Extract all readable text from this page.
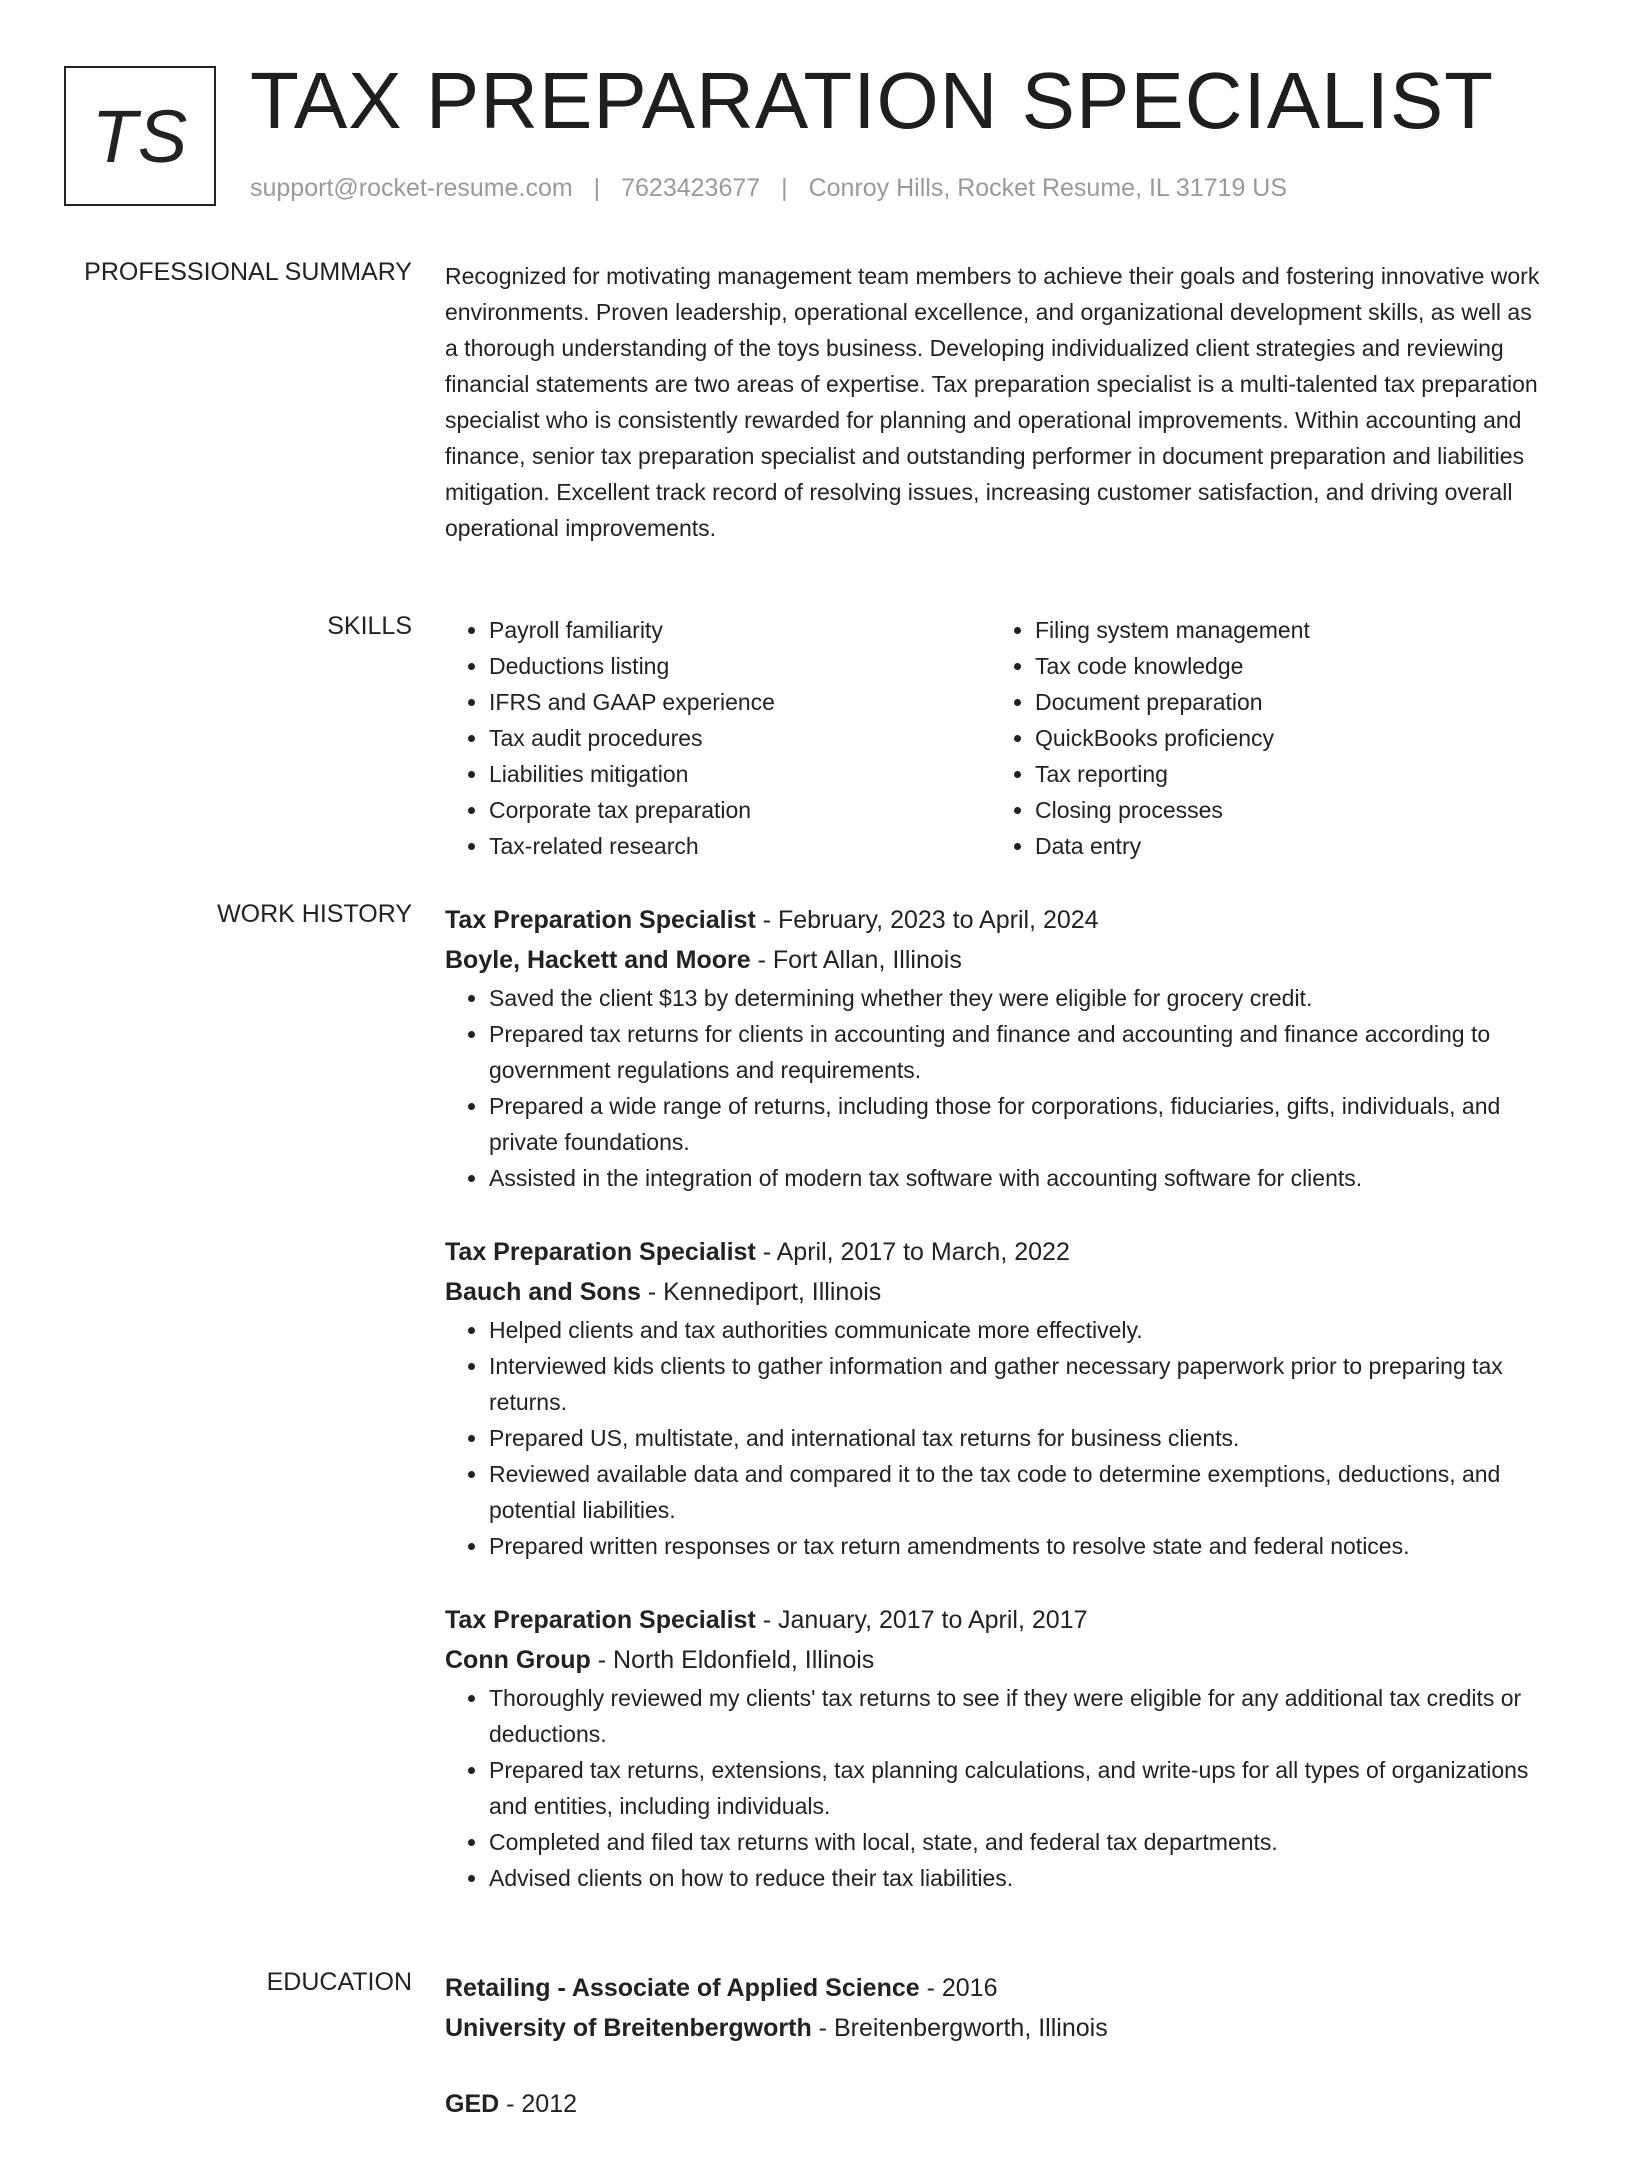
TS TAX PREPARATION SPECIALIST
support@rocket-resume.com | 7623423677 | Conroy Hills, Rocket Resume, IL 31719 US
PROFESSIONAL SUMMARY Recognized for motivating management team members to achieve their goals and fostering innovative work environments. Proven leadership, operational excellence, and organizational development skills, as well as a thorough understanding of the toys business. Developing individualized client strategies and reviewing financial statements are two areas of expertise. Tax preparation specialist is a multi-talented tax preparation specialist who is consistently rewarded for planning and operational improvements. Within accounting and finance, senior tax preparation specialist and outstanding performer in document preparation and liabilities mitigation. Excellent track record of resolving issues, increasing customer satisfaction, and driving overall operational improvements.

SKILLS
•	Payroll familiarity
• Deductions listing
• IFRS and GAAP experience
• Tax audit procedures
• Liabilities mitigation
• Corporate tax preparation
• Tax-related research
• Filing system management
• Tax code knowledge
• Document preparation
• QuickBooks proficiency
• Tax reporting
• Closing processes
• Data entry
WORK HISTORY Tax Preparation Specialist - February, 2023 to April, 2024
Boyle, Hackett and Moore - Fort Allan, Illinois
• Saved the client $13 by determining whether they were eligible for grocery credit.
• Prepared tax returns for clients in accounting and finance and accounting and finance according to government regulations and requirements.
• Prepared a wide range of returns, including those for corporations, fiduciaries, gifts, individuals, and private foundations.
• Assisted in the integration of modern tax software with accounting software for clients.
Tax Preparation Specialist - April, 2017 to March, 2022
Bauch and Sons - Kennediport, Illinois
• Helped clients and tax authorities communicate more effectively.
• Interviewed kids clients to gather information and gather necessary paperwork prior to preparing tax returns.
• Prepared US, multistate, and international tax returns for business clients.
• Reviewed available data and compared it to the tax code to determine exemptions, deductions, and potential liabilities.
• Prepared written responses or tax return amendments to resolve state and federal notices.
Tax Preparation Specialist - January, 2017 to April, 2017
Conn Group - North Eldonfield, Illinois
• Thoroughly reviewed my clients' tax returns to see if they were eligible for any additional tax credits or deductions.
• Prepared tax returns, extensions, tax planning calculations, and write-ups for all types of organizations and entities, including individuals.
• Completed and filed tax returns with local, state, and federal tax departments.
• Advised clients on how to reduce their tax liabilities.
EDUCATION Retailing - Associate of Applied Science - 2016
University of Breitenbergworth - Breitenbergworth, Illinois
GED - 2012
